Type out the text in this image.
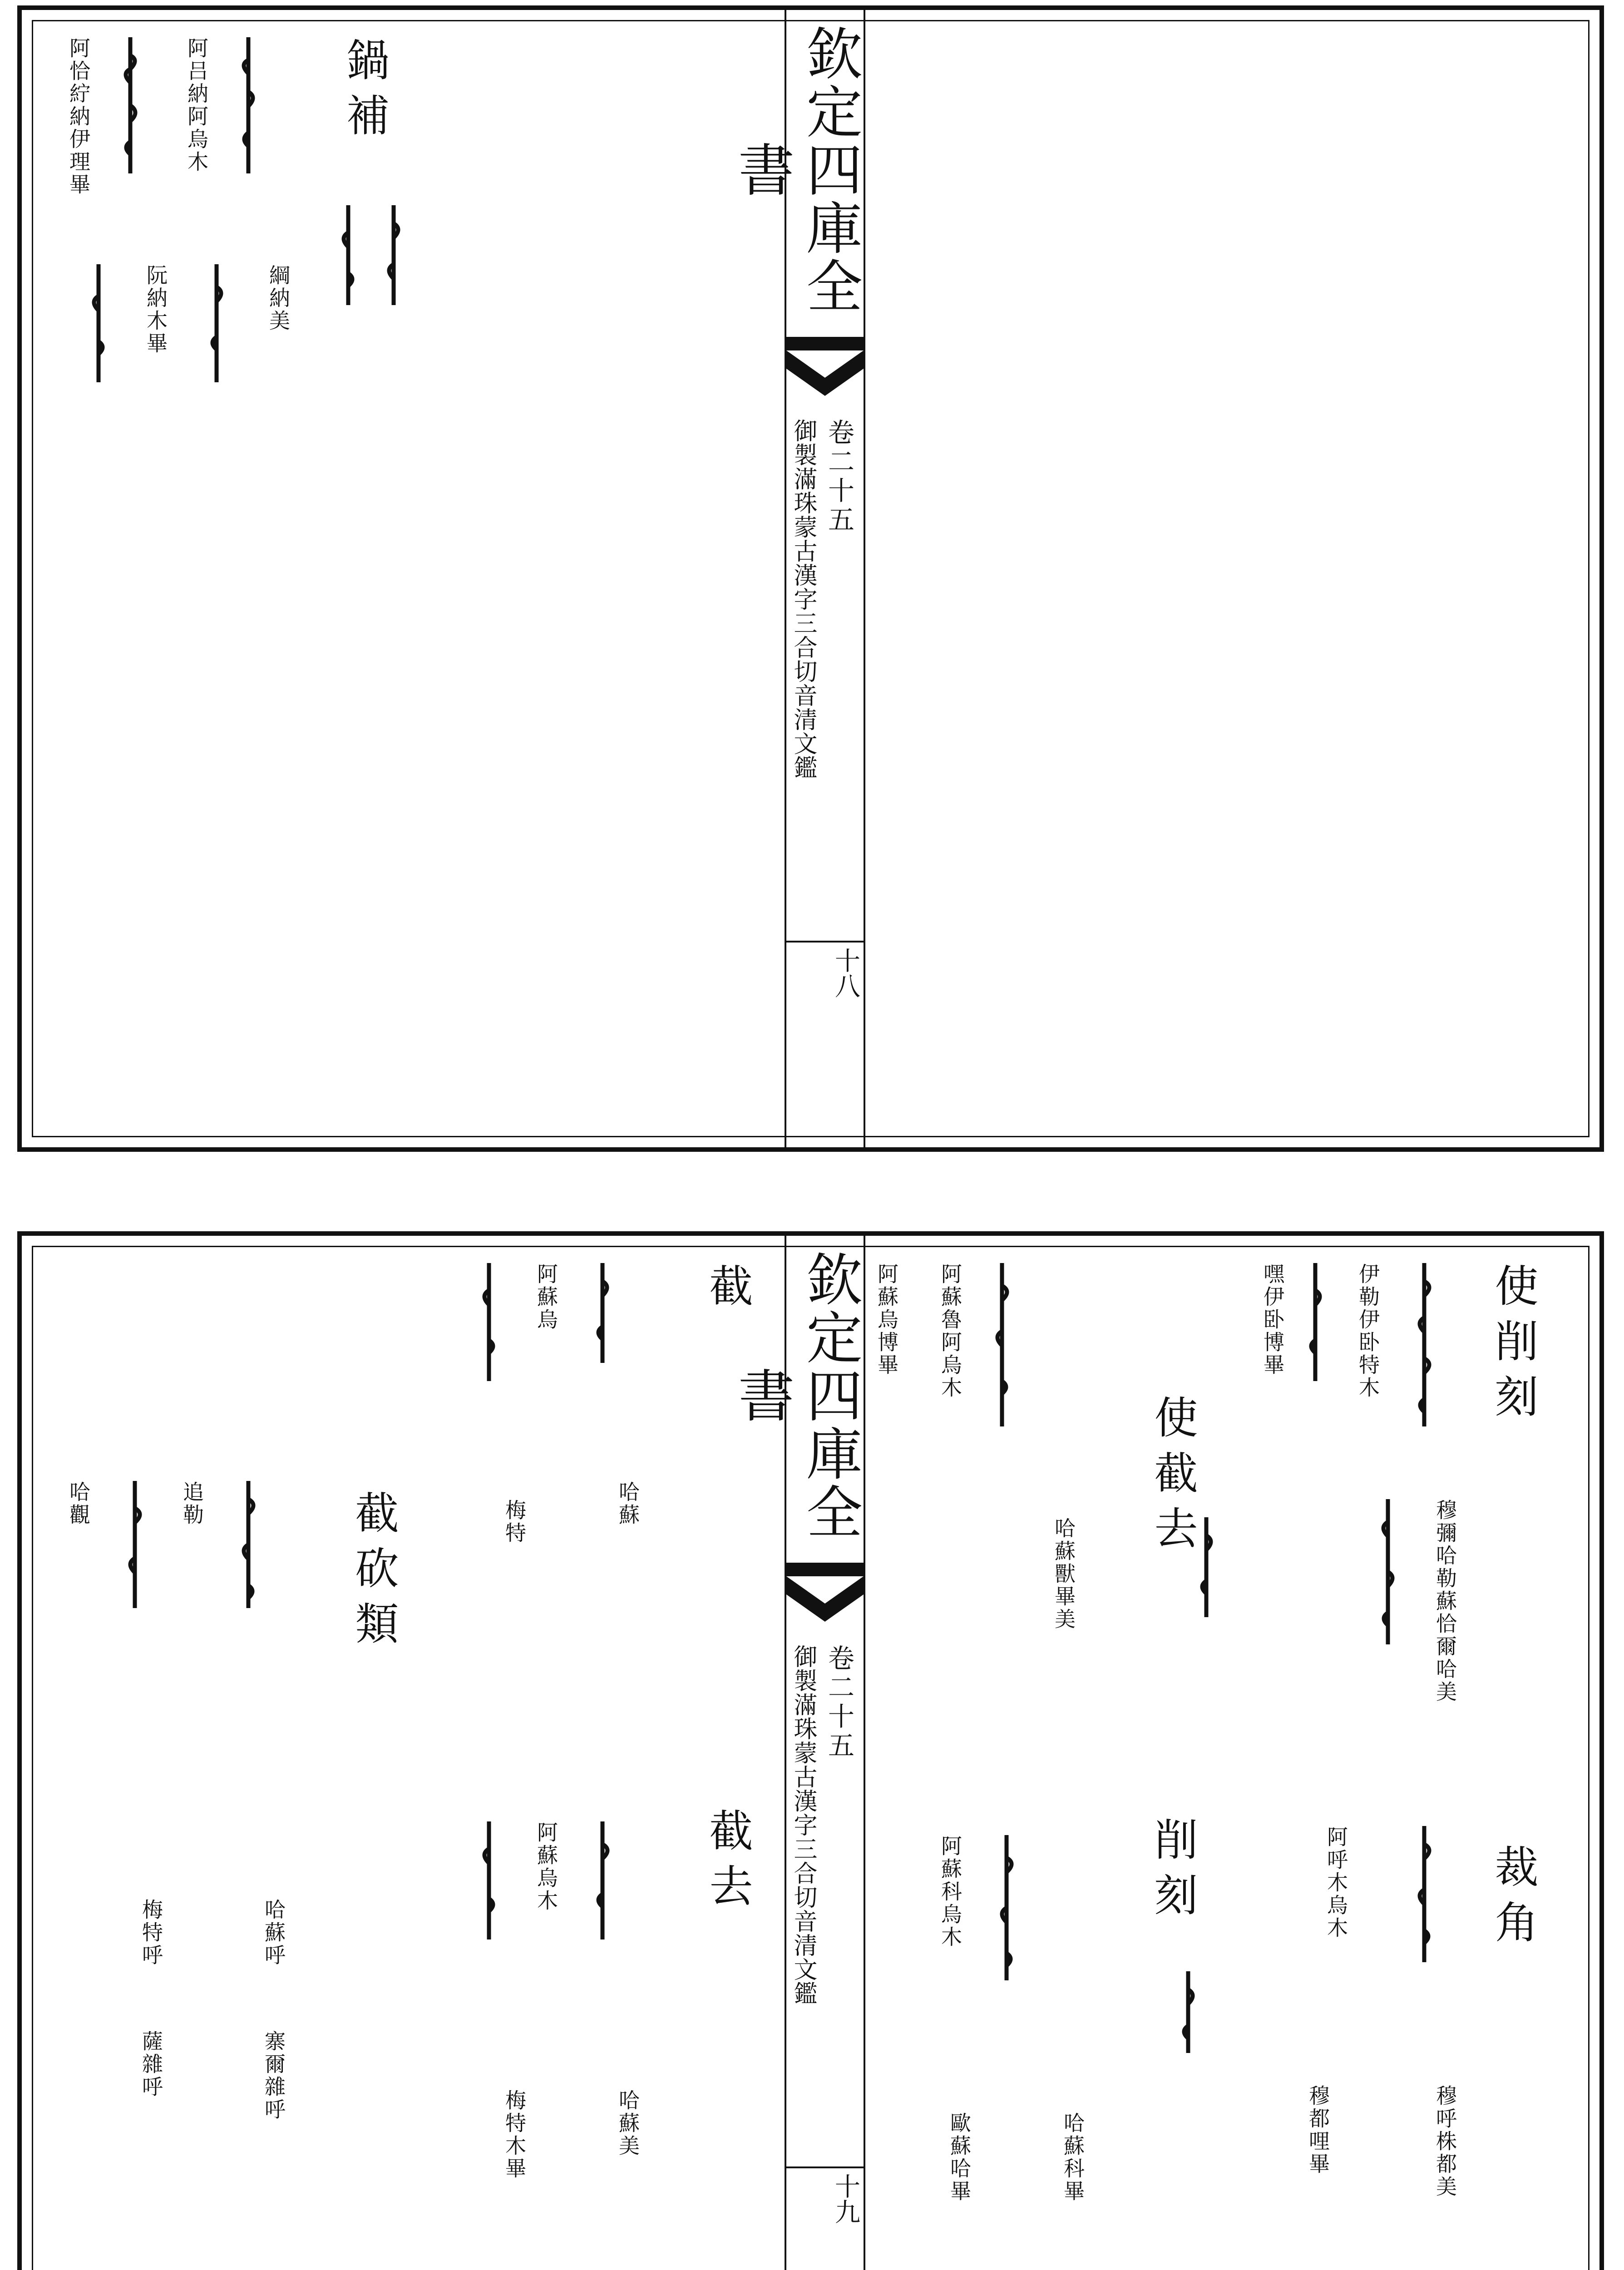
欽定四庫全書
卷二十五
御製滿珠蒙古漢字三合切音清文鑑
十八
鍋補
阿恰紵納伊理畢	阿吕納阿烏木
綱納美
阮納木畢
欽定四庫全書
卷二十五
御製滿珠蒙古漢字三合切音清文鑑
十九
使削刻
伊勒伊卧特木
穆彌哈勒蘇恰爾哈美
嘿伊卧博畢
裁角
穆呼株都美
阿呼木烏木
穆都哩畢
使截去
哈蘇獸畢美
阿蘇魯阿烏木
阿蘇烏博畢
削刻
哈蘇科畢
歐蘇哈畢
阿蘇科烏木
截
阿蘇烏
哈蘇
梅特
截去
阿蘇烏木
哈蘇美
梅特木畢
截砍類
追勒
哈觀
哈蘇呼
寨爾雜呼
梅特呼
薩雜呼
